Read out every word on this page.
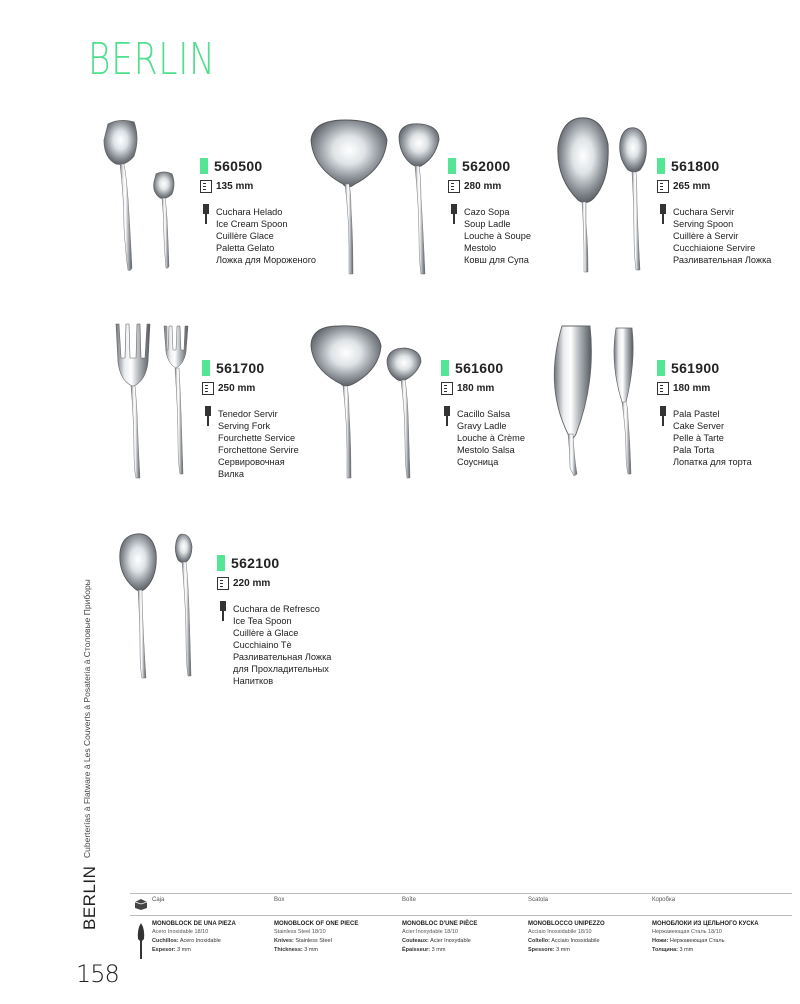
BERLIN
560500
135 mm
Cuchara Helado
Ice Cream Spoon
Cuillère Glace
Paletta Gelato
Ложка для Мороженого
562000
280 mm
Cazo Sopa
Soup Ladle
Louche à Soupe
Mestolo
Ковш для Супа
561800
265 mm
Cuchara Servir
Serving Spoon
Cuillère à Servir
Cucchiaione Servire
Разливательная Ложка
561700
250 mm
Tenedor Servir
Serving Fork
Fourchette Service
Forchettone Servire
Сервировочная
Вилка
561600
180 mm
Cacillo Salsa
Gravy Ladle
Louche à Crème
Mestolo Salsa
Соусница
561900
180 mm
Pala Pastel
Cake Server
Pelle à Tarte
Pala Torta
Лопатка для торта
562100
220 mm
Cuchara de Refresco
Ice Tea Spoon
Cuillère à Glace
Cucchiaino Tè
Разливательная Ложка
для Прохладительных
Напитков
Cuberterías à Flatware à Les Couverts à Posateria à Столовые Приборы
BERLIN
158
Caja
MONOBLOCK DE UNA PIEZA
Acero Inoxidable 18/10
Cuchillos: Acero Inoxidable
Espesor: 3 mm
Box
MONOBLOCK OF ONE PIECE
Stainless Steel 18/10
Knives: Stainless Steel
Thickness: 3 mm
Boîte
MONOBLOC D'UNE PIÈCE
Acier Inoxydable 18/10
Couteaux: Acier Inoxydable
Épaisseur: 3 mm
Scatola
MONOBLOCCO UNIPEZZO
Acciaio Inossidabile 18/10
Coltello: Acciaio Inossidabile
Spessore: 3 mm
Коробка
МОНОБЛОКИ ИЗ ЦЕЛЬНОГО КУСКА
Нержавеющая Сталь 18/10
Ножи: Нержавеющая Сталь
Толщина: 3 mm
